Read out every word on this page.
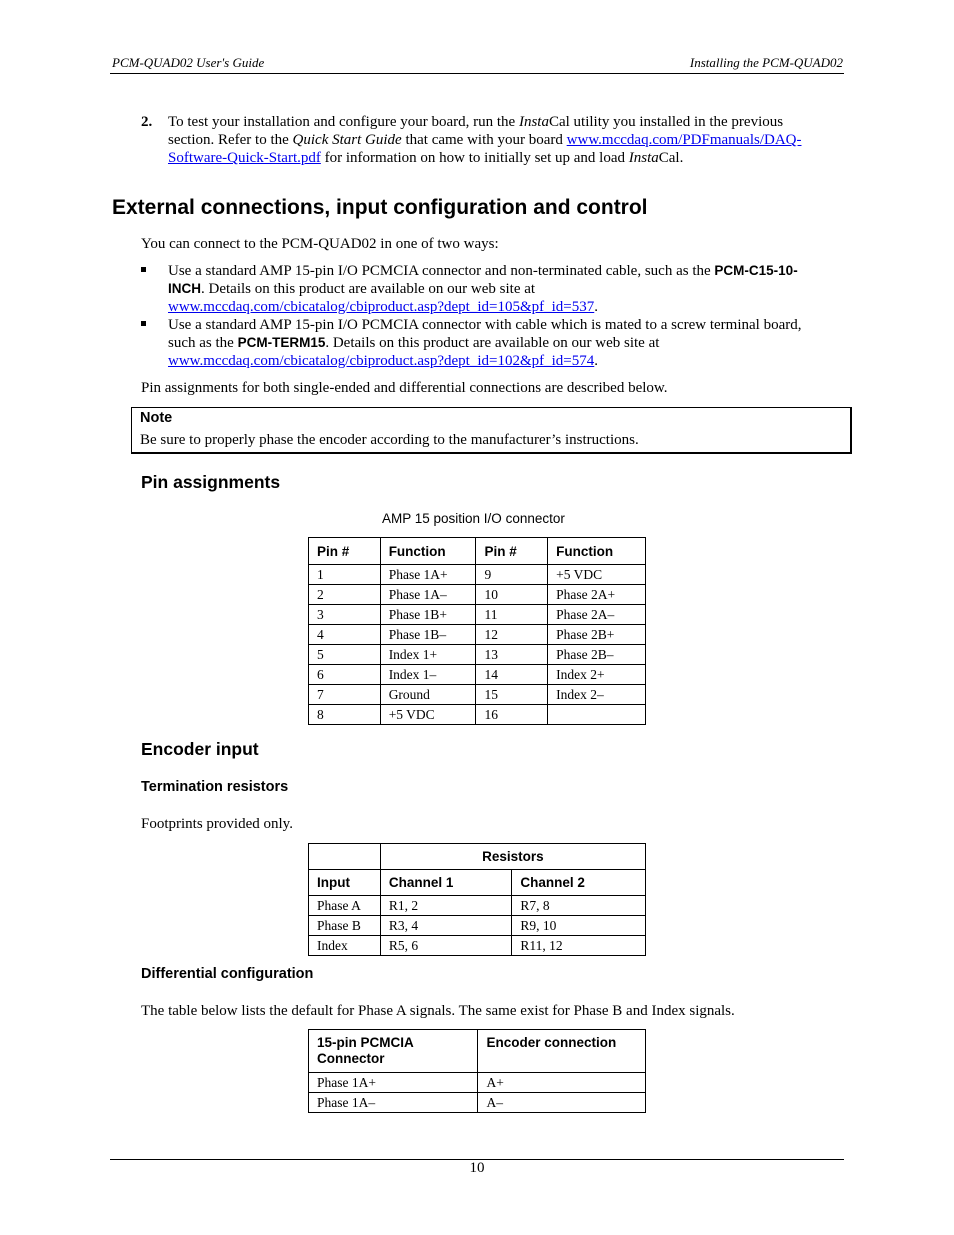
PCM-QUAD02 User's Guide	Installing the PCM-QUAD02
2. To test your installation and configure your board, run the InstaCal utility you installed in the previous
section. Refer to the Quick Start Guide that came with your board www.mccdaq.com/PDFmanuals/DAQ-
Software-Quick-Start.pdf for information on how to initially set up and load InstaCal.
External connections, input configuration and control
You can connect to the PCM-QUAD02 in one of two ways:
Use a standard AMP 15-pin I/O PCMCIA connector and non-terminated cable, such as the PCM-C15-10-
INCH. Details on this product are available on our web site at
www.mccdaq.com/cbicatalog/cbiproduct.asp?dept_id=105&pf_id=537.
Use a standard AMP 15-pin I/O PCMCIA connector with cable which is mated to a screw terminal board,
such as the PCM-TERM15. Details on this product are available on our web site at
www.mccdaq.com/cbicatalog/cbiproduct.asp?dept_id=102&pf_id=574.
Pin assignments for both single-ended and differential connections are described below.
Note
Be sure to properly phase the encoder according to the manufacturer’s instructions.
Pin assignments
AMP 15 position I/O connector
Pin #	Function	Pin #	Function
1	Phase 1A+	9	+5 VDC
2	Phase 1A–	10	Phase 2A+
3	Phase 1B+	11	Phase 2A–
4	Phase 1B–	12	Phase 2B+
5	Index 1+	13	Phase 2B–
6	Index 1–	14	Index 2+
7	Ground	15	Index 2–
8	+5 VDC	16	
Encoder input
Termination resistors
Footprints provided only.
	Resistors	
Input	Channel 1	Channel 2
Phase A	R1, 2	R7, 8
Phase B	R3, 4	R9, 10
Index	R5, 6	R11, 12
Differential configuration
The table below lists the default for Phase A signals. The same exist for Phase B and Index signals.
15-pin PCMCIA Connector	Encoder connection
Phase 1A+	A+
Phase 1A–	A–
10
